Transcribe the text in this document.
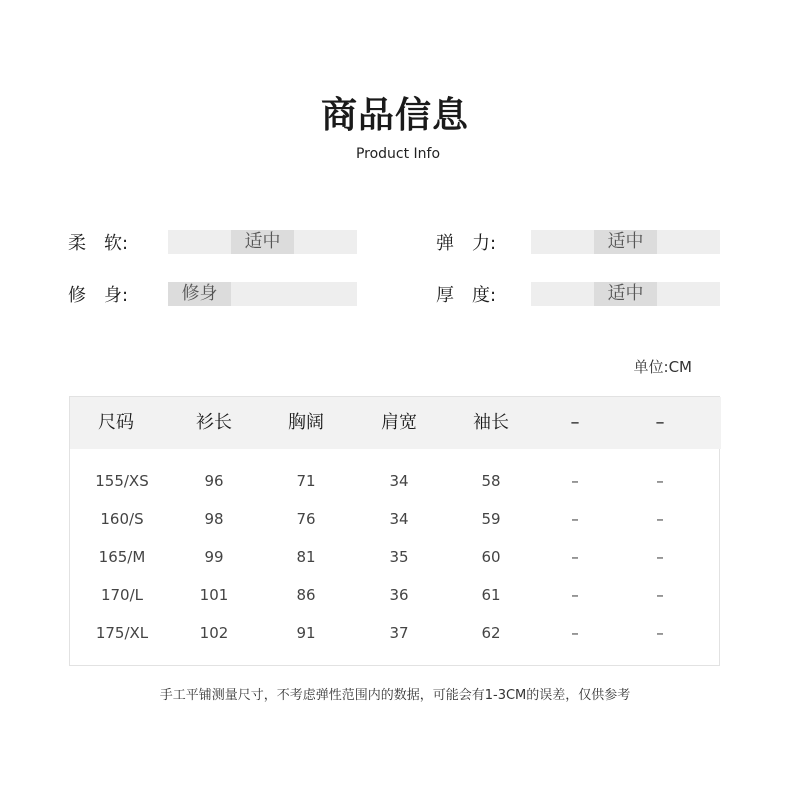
商品信息
Product Info
柔　软:	适中	弹　力:	适中
修　身:	修身	厚　度:	适中
单位:CM
尺码	衫长	胸阔	肩宽	袖长	–	–
155/XS	96	71	34	58	–	–
160/S	98	76	34	59	–	–
165/M	99	81	35	60	–	–
170/L	101	86	36	61	–	–
175/XL	102	91	37	62	–	–
手工平铺测量尺寸，不考虑弹性范围内的数据，可能会有1-3CM的误差，仅供参考
